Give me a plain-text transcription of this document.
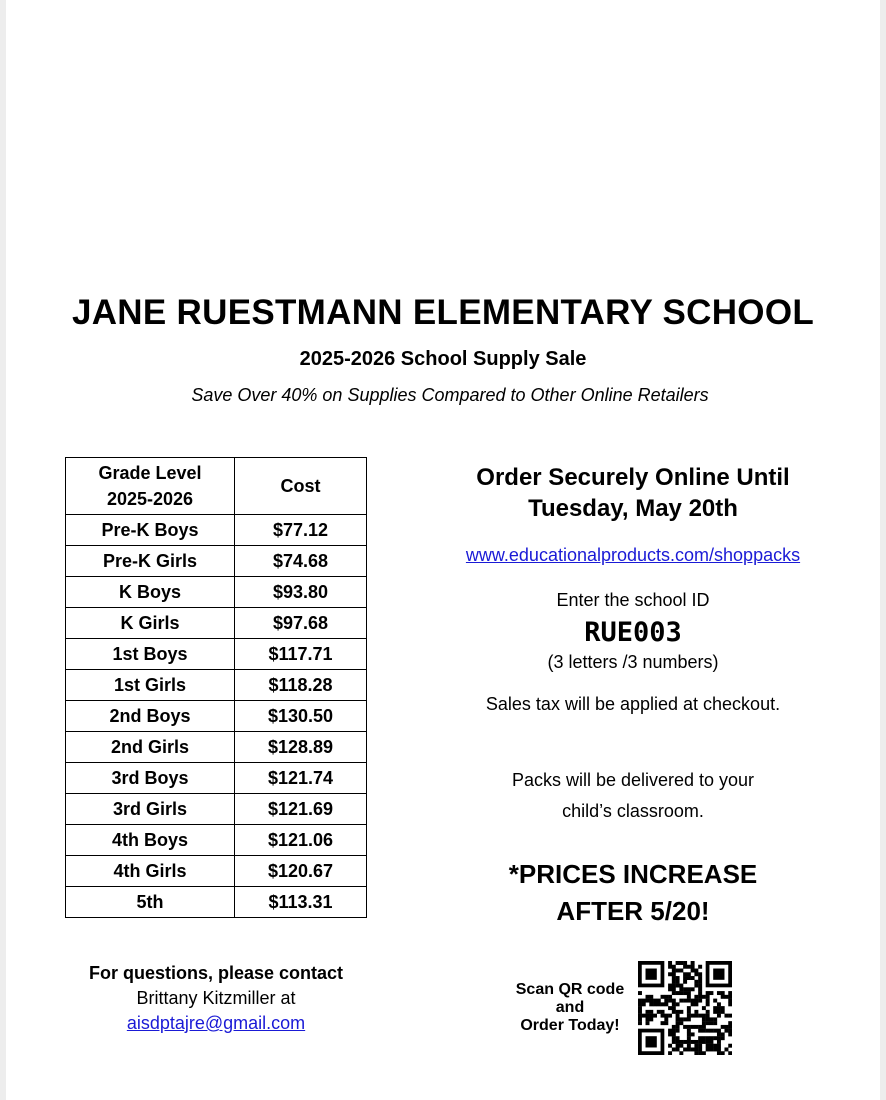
JANE RUESTMANN ELEMENTARY SCHOOL
2025-2026 School Supply Sale

Save Over 40% on Supplies Compared to Other Online Retailers

Grade Level
2025-2026	Cost
Pre-K Boys	$77.12
Pre-K Girls	$74.68
K Boys	$93.80
K Girls	$97.68
1st Boys	$117.71
1st Girls	$118.28
2nd Boys	$130.50
2nd Girls	$128.89
3rd Boys	$121.74
3rd Girls	$121.69
4th Boys	$121.06
4th Girls	$120.67
5th	$113.31
Order Securely Online Until
Tuesday, May 20th
www.educationalproducts.com/shoppacks
Enter the school ID
RUE003
(3 letters /3 numbers)
Sales tax will be applied at checkout.
Packs will be delivered to your
child’s classroom.
*PRICES INCREASE
AFTER 5/20!
For questions, please contact
Brittany Kitzmiller at
aisdptajre@gmail.com
Scan QR code
and
Order Today!
